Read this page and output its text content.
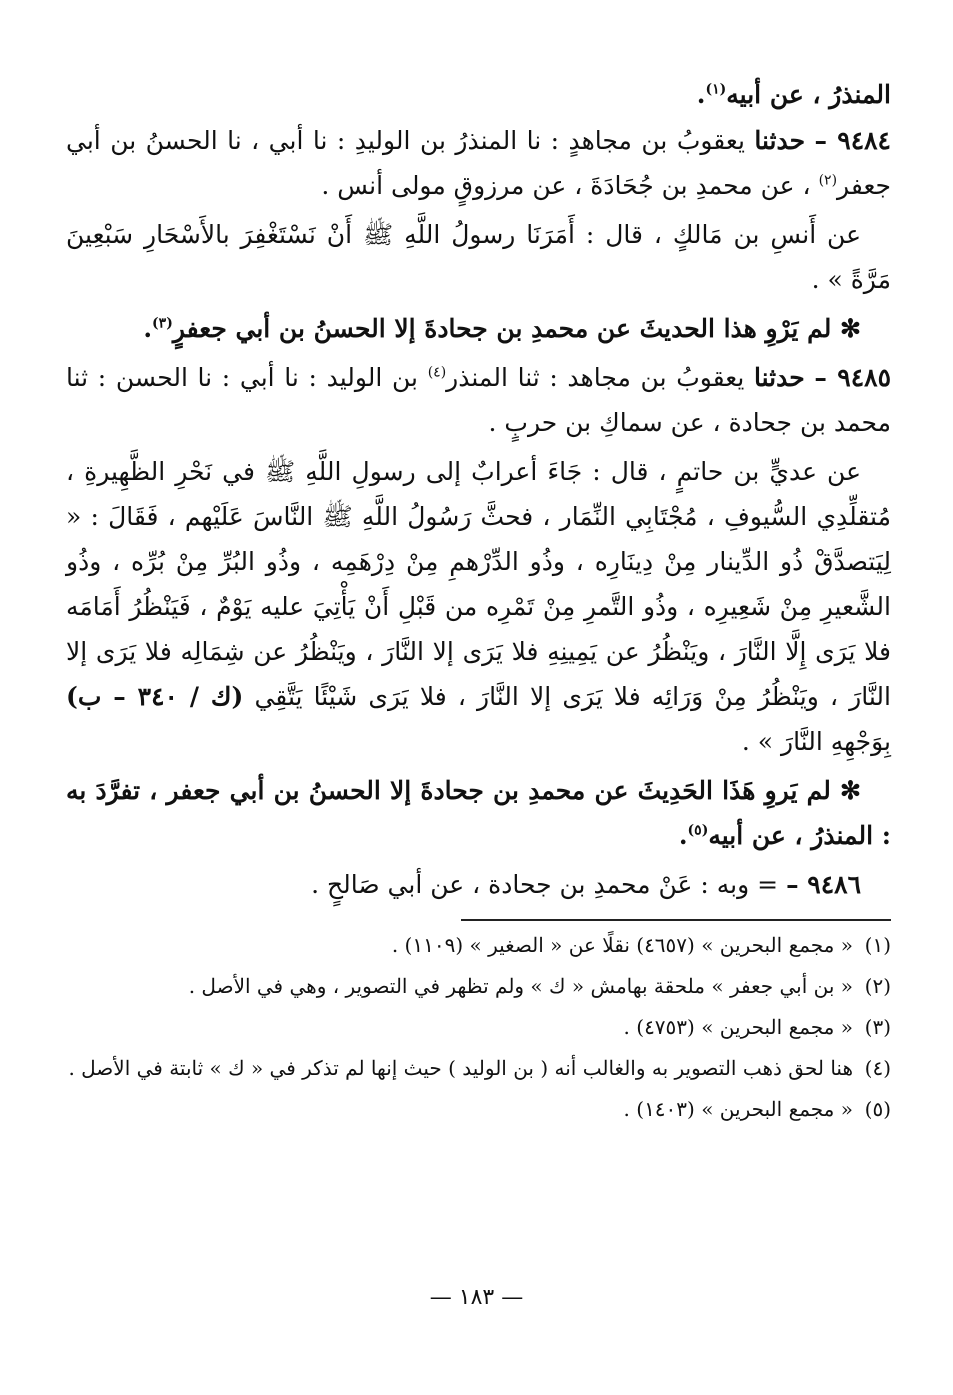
المنذرُ ، عن أبيه$^{(١)}$.

٩٤٨٤ – حدثنا يعقوبُ بن مجاهدٍ : نا المنذرُ بن الوليدِ : نا أبي ، نا الحسنُ بن أبي جعفر$^{(٢)}$ ، عن محمدِ بن جُحَادَةَ ، عن مرزوقٍ مولى أنس .

عن أَنسِ بن مَالكٍ ، قال : أَمَرَنَا رسولُ اللَّهِ ﷺ أَنْ نَسْتَغْفِرَ بالأَسْحَارِ سَبْعِينَ مَرَّةً » .

✻ لم يَرْوِ هذا الحديثَ عن محمدِ بن جحادةَ إلا الحسنُ بن أبي جعفرٍ$^{(٣)}$.

٩٤٨٥ – حدثنا يعقوبُ بن مجاهد : ثنا المنذر$^{(٤)}$ بن الوليد : نا أبي : نا الحسن : ثنا محمد بن جحادة ، عن سماكِ بن حربٍ .

عن عديٍّ بن حاتمٍ ، قال : جَاءَ أعرابٌ إلى رسولِ اللَّهِ ﷺ في نَحْرِ الظَّهِيرةِ ، مُتقلِّدِي السُّيوفِ ، مُجْتَابِي النِّمَار ، فحثَّ رَسُولُ اللَّهِ ﷺ النَّاسَ عَلَيْهم ، فَقَالَ : « لِيَتصدَّقْ ذُو الدِّينار مِنْ دِينَارِه ، وذُو الدِّرْهمِ مِنْ دِرْهَمِه ، وذُو البُرِّ مِنْ بُرِّه ، وذُو الشَّعيرِ مِنْ شَعِيرِه ، وذُو التَّمرِ مِنْ تَمْرِه من قَبْلِ أَنْ يَأْتِيَ عليه يَوْمٌ ، فَيَنْظُرُ أَمَامَه فلا يَرَى إِلَّا النَّارَ ، ويَنْظُرُ عن يَمِينِهِ فلا يَرَى إلا النَّارَ ، ويَنْظُرُ عن شِمَالِه فلا يَرَى إلا النَّارَ ، ويَنْظُرُ مِنْ وَرَائِه فلا يَرَى إلا النَّارَ ، فلا يَرَى شَيْئًا يَتَّقِي (ك / ٣٤٠ – ب) بِوَجْهِهِ النَّارَ » .

✻ لم يَروِ هَذَا الحَدِيثَ عن محمدِ بن جحادةَ إلا الحسنُ بن أبي جعفر ، تفرَّدَ به : المنذرُ ، عن أبيه$^{(٥)}$.

٩٤٨٦ – = وبه : عَنْ محمدِ بن جحادة ، عن أبي صَالحٍ .

(١)« مجمع البحرين » (٤٦٥٧) نقلًا عن « الصغير » (١١٠٩) .

(٢)« بن أبي جعفر » ملحقة بهامش « ك » ولم تظهر في التصوير ، وهي في الأصل .

(٣)« مجمع البحرين » (٤٧٥٣) .

(٤)هنا لحق ذهب التصوير به والغالب أنه ( بن الوليد ) حيث إنها لم تذكر في « ك » ثابتة في الأصل .

(٥)« مجمع البحرين » (١٤٠٣) .

— ١٨٣ —
